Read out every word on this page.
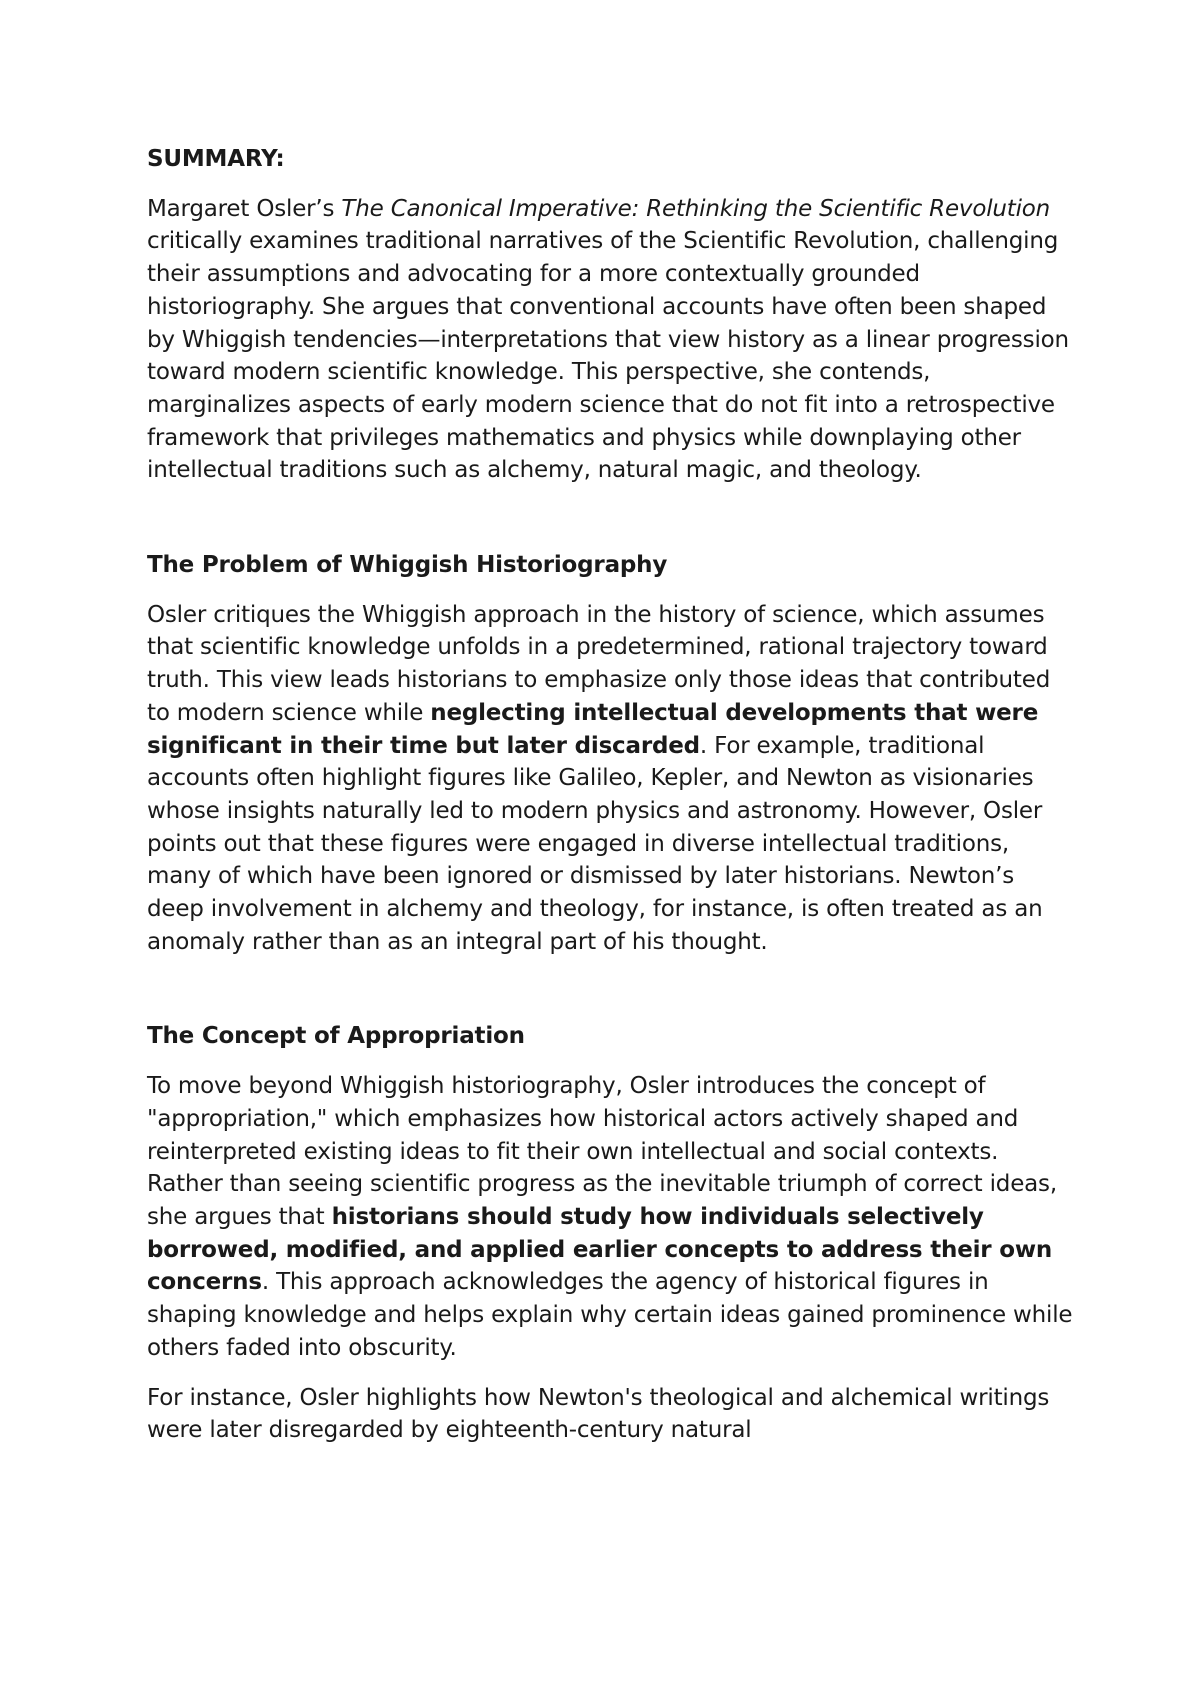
SUMMARY:
Margaret Osler’s The Canonical Imperative: Rethinking the Scientific Revolution critically examines traditional narratives of the Scientific Revolution, challenging their assumptions and advocating for a more contextually grounded historiography. She argues that conventional accounts have often been shaped by Whiggish tendencies—interpretations that view history as a linear progression toward modern scientific knowledge. This perspective, she contends, marginalizes aspects of early modern science that do not fit into a retrospective framework that privileges mathematics and physics while downplaying other intellectual traditions such as alchemy, natural magic, and theology.
The Problem of Whiggish Historiography
Osler critiques the Whiggish approach in the history of science, which assumes that scientific knowledge unfolds in a predetermined, rational trajectory toward truth. This view leads historians to emphasize only those ideas that contributed to modern science while neglecting intellectual developments that were significant in their time but later discarded. For example, traditional accounts often highlight figures like Galileo, Kepler, and Newton as visionaries whose insights naturally led to modern physics and astronomy. However, Osler points out that these figures were engaged in diverse intellectual traditions, many of which have been ignored or dismissed by later historians. Newton’s deep involvement in alchemy and theology, for instance, is often treated as an anomaly rather than as an integral part of his thought.
The Concept of Appropriation
To move beyond Whiggish historiography, Osler introduces the concept of "appropriation," which emphasizes how historical actors actively shaped and reinterpreted existing ideas to fit their own intellectual and social contexts. Rather than seeing scientific progress as the inevitable triumph of correct ideas, she argues that historians should study how individuals selectively borrowed, modified, and applied earlier concepts to address their own concerns. This approach acknowledges the agency of historical figures in shaping knowledge and helps explain why certain ideas gained prominence while others faded into obscurity.
For instance, Osler highlights how Newton's theological and alchemical writings were later disregarded by eighteenth-century natural
